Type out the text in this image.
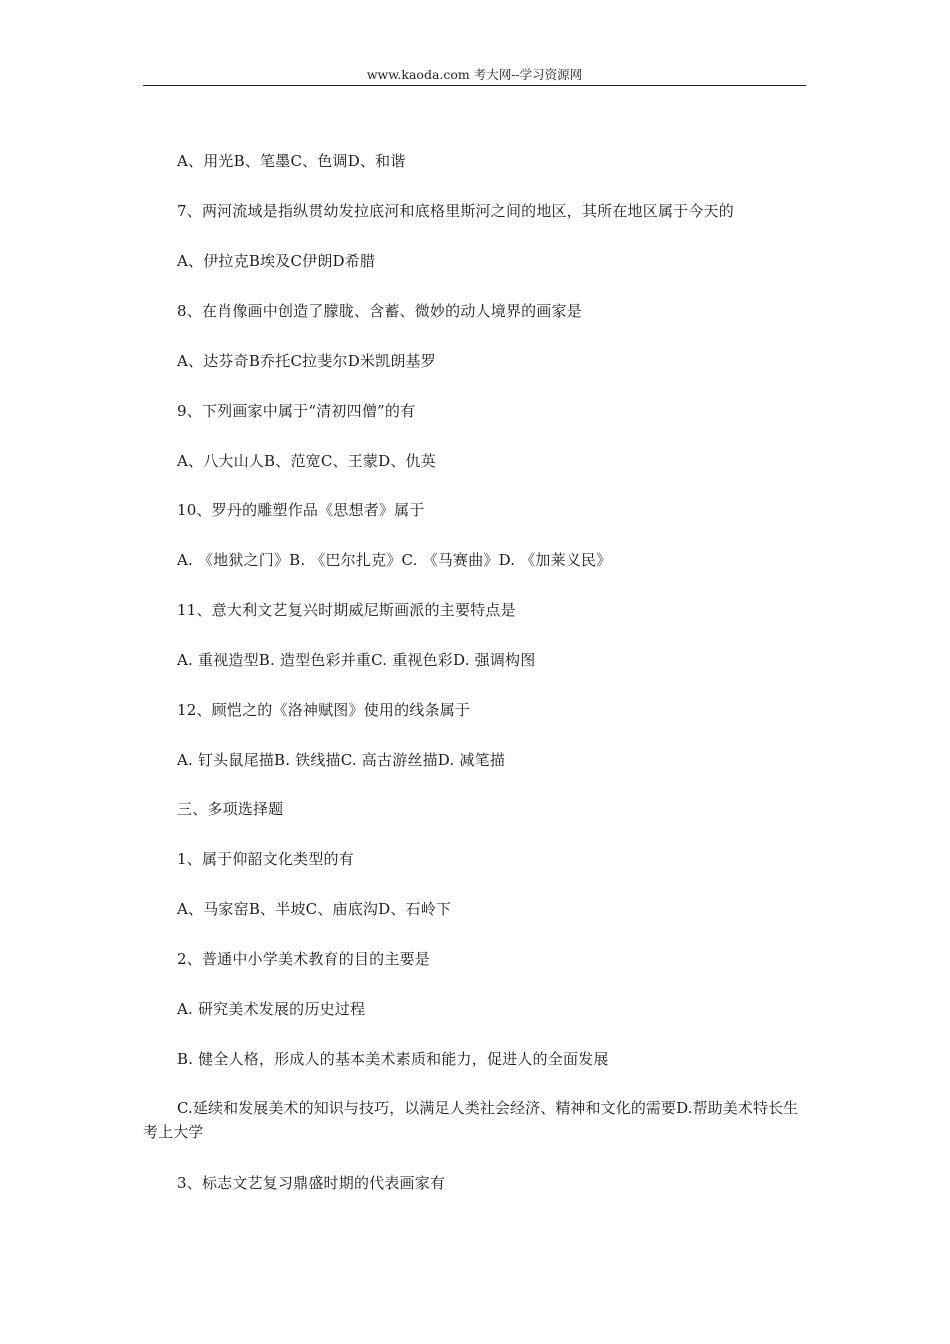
www.kaoda.com 考大网--学习资源网
A、用光B、笔墨C、色调D、和谐
7、两河流域是指纵贯幼发拉底河和底格里斯河之间的地区，其所在地区属于今天的
A、伊拉克B埃及C伊朗D希腊
8、在肖像画中创造了朦胧、含蓄、微妙的动人境界的画家是
A、达芬奇B乔托C拉斐尔D米凯朗基罗
9、下列画家中属于“清初四僧”的有
A、八大山人B、范宽C、王蒙D、仇英
10、罗丹的雕塑作品《思想者》属于
A. 《地狱之门》B. 《巴尔扎克》C. 《马赛曲》D. 《加莱义民》
11、意大利文艺复兴时期威尼斯画派的主要特点是
A. 重视造型B. 造型色彩并重C. 重视色彩D. 强调构图
12、顾恺之的《洛神赋图》使用的线条属于
A. 钉头鼠尾描B. 铁线描C. 高古游丝描D. 减笔描
三、多项选择题
1、属于仰韶文化类型的有
A、马家窑B、半坡C、庙底沟D、石岭下
2、普通中小学美术教育的目的主要是
A. 研究美术发展的历史过程
B. 健全人格，形成人的基本美术素质和能力，促进人的全面发展
C.延续和发展美术的知识与技巧，以满足人类社会经济、精神和文化的需要D.帮助美术特长生考上大学
3、标志文艺复习鼎盛时期的代表画家有
